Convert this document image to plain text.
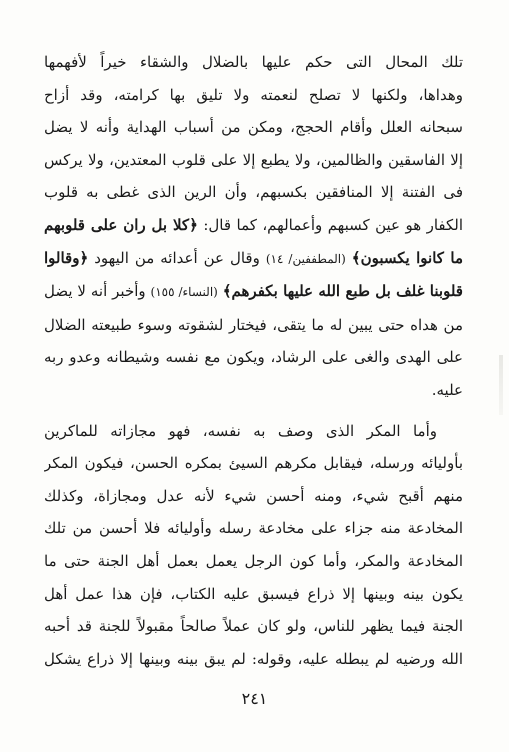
تلك المحال التى حكم عليها بالضلال والشقاء خيراً لأفهمها
وهداها، ولكنها لا تصلح لنعمته ولا تليق بها كرامته، وقد أزاح
سبحانه العلل وأقام الحجج، ومكن من أسباب الهداية وأنه لا يضل
إلا الفاسقين والظالمين، ولا يطبع إلا على قلوب المعتدين، ولا يركس
فى الفتنة إلا المنافقين بكسبهم، وأن الرين الذى غطى به قلوب
الكفار هو عين كسبهم وأعمالهم، كما قال: ﴿كلا بل ران على قلوبهم ما كانوا يكسبون﴾ (المطففين/ ١٤) وقال عن أعدائه من اليهود ﴿وقالوا قلوبنا غلف بل طبع الله عليها بكفرهم﴾ (النساء/ ١٥٥) وأخبر أنه لا يضل من هداه حتى يبين له ما يتقى، فيختار لشقوته وسوء طبيعته الضلال على الهدى والغى على الرشاد، ويكون مع نفسه وشيطانه وعدو ربه عليه.
وأما المكر الذى وصف به نفسه، فهو مجازاته للماكرين
بأوليائه ورسله، فيقابل مكرهم السيئ بمكره الحسن، فيكون المكر
منهم أقبح شيء، ومنه أحسن شيء لأنه عدل ومجازاة، وكذلك
المخادعة منه جزاء على مخادعة رسله وأوليائه فلا أحسن من تلك
المخادعة والمكر، وأما كون الرجل يعمل بعمل أهل الجنة حتى ما
يكون بينه وبينها إلا ذراع فيسبق عليه الكتاب، فإن هذا عمل أهل
الجنة فيما يظهر للناس، ولو كان عملاً صالحاً مقبولاً للجنة قد أحبه
الله ورضيه لم يبطله عليه، وقوله: لم يبق بينه وبينها إلا ذراع يشكل
٢٤١
